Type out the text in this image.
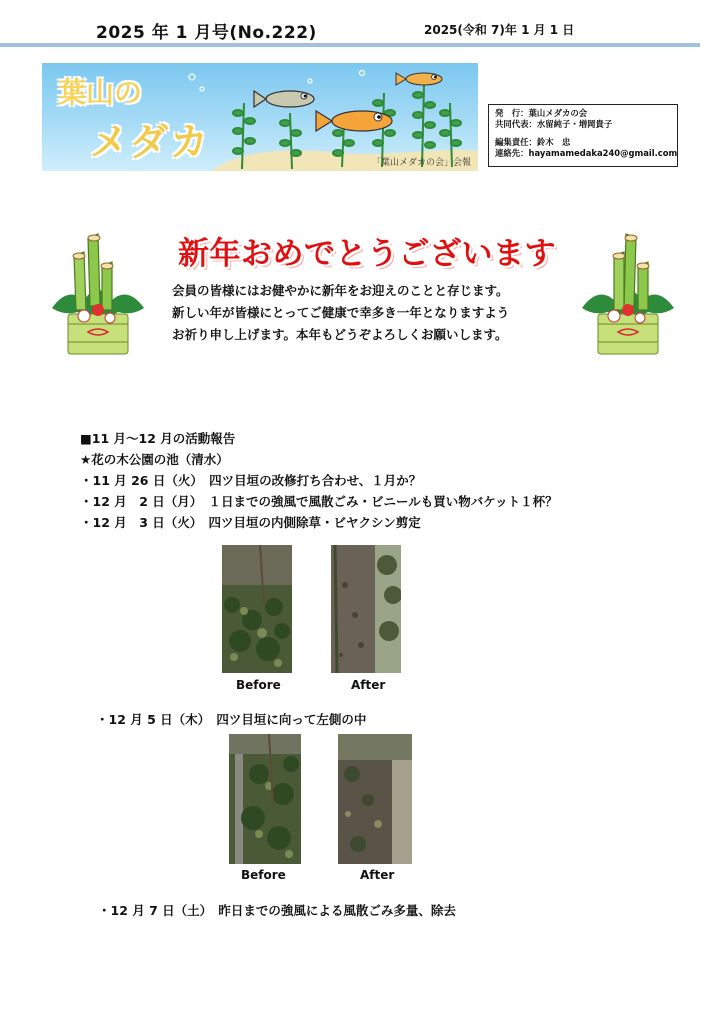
2025 年 1 月号(No.222)	2025(令和 7)年 1 月 1 日
葉山の
メダカ	「葉山メダカの会」会報
発　行：葉山メダカの会
共同代表：水留純子・増岡貴子
編集責任：鈴木　忠
連絡先：hayamamedaka240@gmail.com
新年おめでとうございます
会員の皆様にはお健やかに新年をお迎えのことと存じます。
新しい年が皆様にとってご健康で幸多き一年となりますよう
お祈り申し上げます。本年もどうぞよろしくお願いします。
■11 月～12 月の活動報告
★花の木公園の池（清水）
・11 月 26 日（火）　四ツ目垣の改修打ち合わせ、１月か？
・12 月　2 日（月）　１日までの強風で風散ごみ・ビニールも買い物バケット１杯？
・12 月　3 日（火）　四ツ目垣の内側除草・ビヤクシン剪定
Before	After
・12 月 5 日（木）　四ツ目垣に向って左側の中
Before	After
・12 月 7 日（土）　昨日までの強風による風散ごみ多量、除去
